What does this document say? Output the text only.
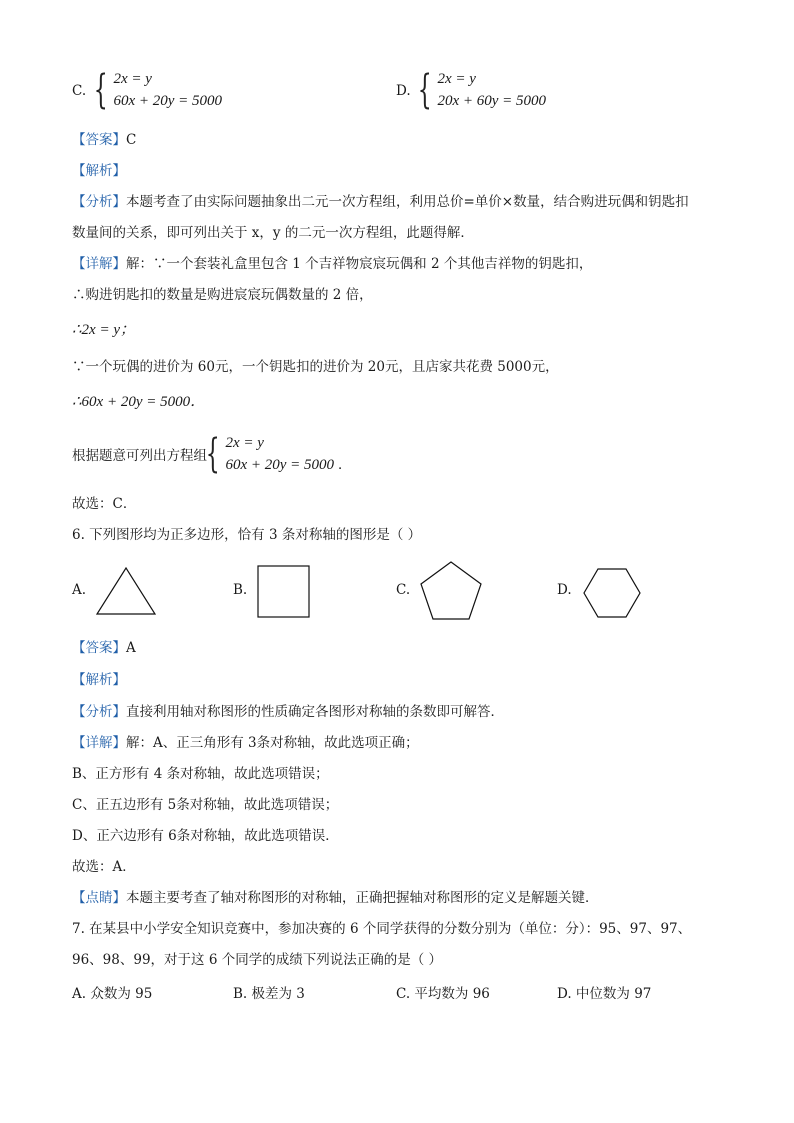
C. { 2x = y
60x + 20y = 5000
D. { 2x = y
20x + 60y = 5000
【答案】C
【解析】
【分析】本题考查了由实际问题抽象出二元一次方程组，利用总价=单价×数量，结合购进玩偶和钥匙扣
数量间的关系，即可列出关于 x，y 的二元一次方程组，此题得解．
【详解】解：∵一个套装礼盒里包含 1 个吉祥物宸宸玩偶和 2 个其他吉祥物的钥匙扣，
∴购进钥匙扣的数量是购进宸宸玩偶数量的 2 倍，
∴2x = y；
∵一个玩偶的进价为 60元，一个钥匙扣的进价为 20元，且店家共花费 5000元，
∴60x + 20y = 5000．
根据题意可列出方程组
{ 2x = y
60x + 20y = 5000 ．
故选：C．
6. 下列图形均为正多边形，恰有 3 条对称轴的图形是（ ）
A.	B.	C.	D.
【答案】A
【解析】
【分析】直接利用轴对称图形的性质确定各图形对称轴的条数即可解答．
【详解】解：A、正三角形有 3条对称轴，故此选项正确；
B、正方形有 4 条对称轴，故此选项错误；
C、正五边形有 5条对称轴，故此选项错误；
D、正六边形有 6条对称轴，故此选项错误．
故选：A．
【点睛】本题主要考查了轴对称图形的对称轴，正确把握轴对称图形的定义是解题关键．
7. 在某县中小学安全知识竞赛中，参加决赛的 6 个同学获得的分数分别为（单位：分）：95、97、97、
96、98、99，对于这 6 个同学的成绩下列说法正确的是（ ）
A. 众数为 95	B. 极差为 3	C. 平均数为 96	D. 中位数为 97
